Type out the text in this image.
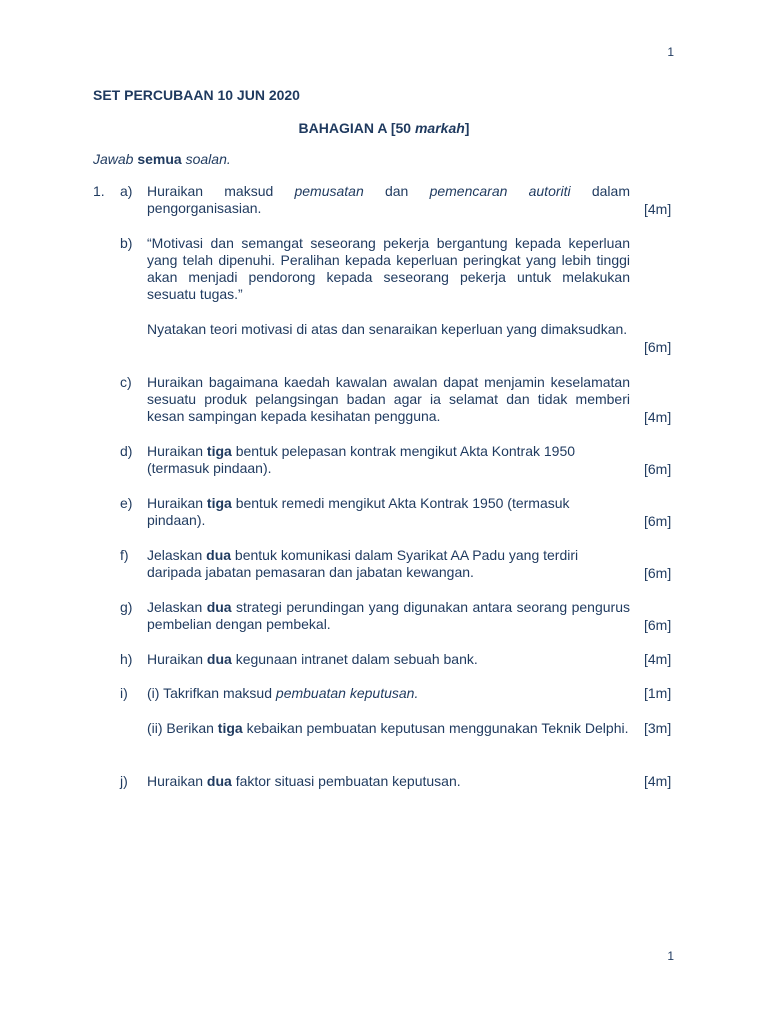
1
SET PERCUBAAN 10 JUN 2020
BAHAGIAN A [50 markah]
Jawab semua soalan.
1. a) Huraikan maksud pemusatan dan pemencaran autoriti dalam pengorganisasian.	[4m]
b) “Motivasi dan semangat seseorang pekerja bergantung kepada keperluan yang telah dipenuhi. Peralihan kepada keperluan peringkat yang lebih tinggi akan menjadi pendorong kepada seseorang pekerja untuk melakukan sesuatu tugas.”
Nyatakan teori motivasi di atas dan senaraikan keperluan yang dimaksudkan.
[6m]
c) Huraikan bagaimana kaedah kawalan awalan dapat menjamin keselamatan sesuatu produk pelangsingan badan agar ia selamat dan tidak memberi kesan sampingan kepada kesihatan pengguna.	[4m]
d) Huraikan tiga bentuk pelepasan kontrak mengikut Akta Kontrak 1950 (termasuk pindaan).	[6m]
e) Huraikan tiga bentuk remedi mengikut Akta Kontrak 1950 (termasuk pindaan).	[6m]
f) Jelaskan dua bentuk komunikasi dalam Syarikat AA Padu yang terdiri daripada jabatan pemasaran dan jabatan kewangan.	[6m]
g) Jelaskan dua strategi perundingan yang digunakan antara seorang pengurus pembelian dengan pembekal.	[6m]
h) Huraikan dua kegunaan intranet dalam sebuah bank.	[4m]
i) (i) Takrifkan maksud pembuatan keputusan.	[1m]
(ii) Berikan tiga kebaikan pembuatan keputusan menggunakan Teknik Delphi. [3m]
j) Huraikan dua faktor situasi pembuatan keputusan.	[4m]
1
